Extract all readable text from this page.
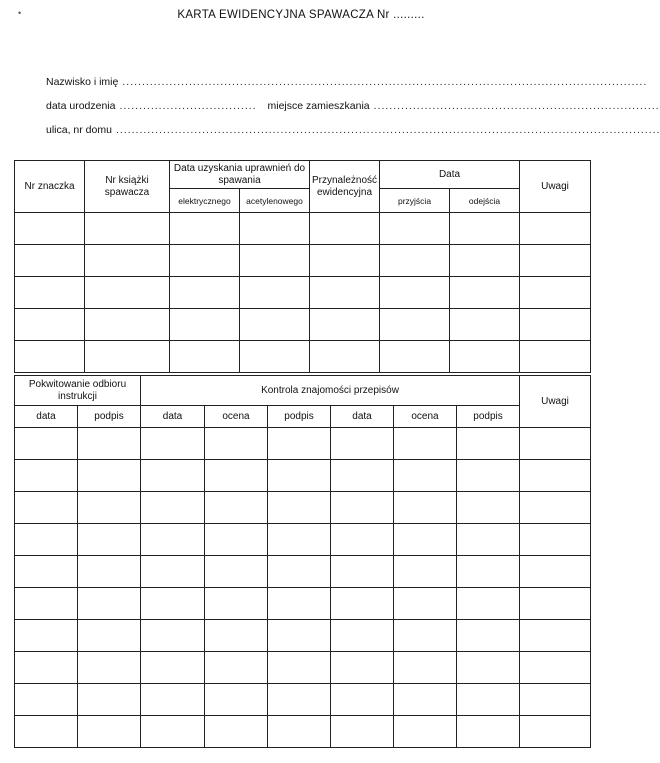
•	KARTA EWIDENCYJNA SPAWACZA Nr .........
Nazwisko i imię ......................................................................................................................................
data urodzenia ................................... miejsce zamieszkania .........................................................................
ulica, nr domu ...........................................................................................................................................
Nr znaczka	Nr książki spawacza	Data uzyskania uprawnień do spawania		Przynależność ewidencyjna	Data		Uwagi
		elektrycznego	acetylenowego		przyjścia	odejścia	

Pokwitowanie odbioru instrukcji		Kontrola znajomości przepisów						Uwagi
data	podpis	data	ocena	podpis	data	ocena	podpis	
